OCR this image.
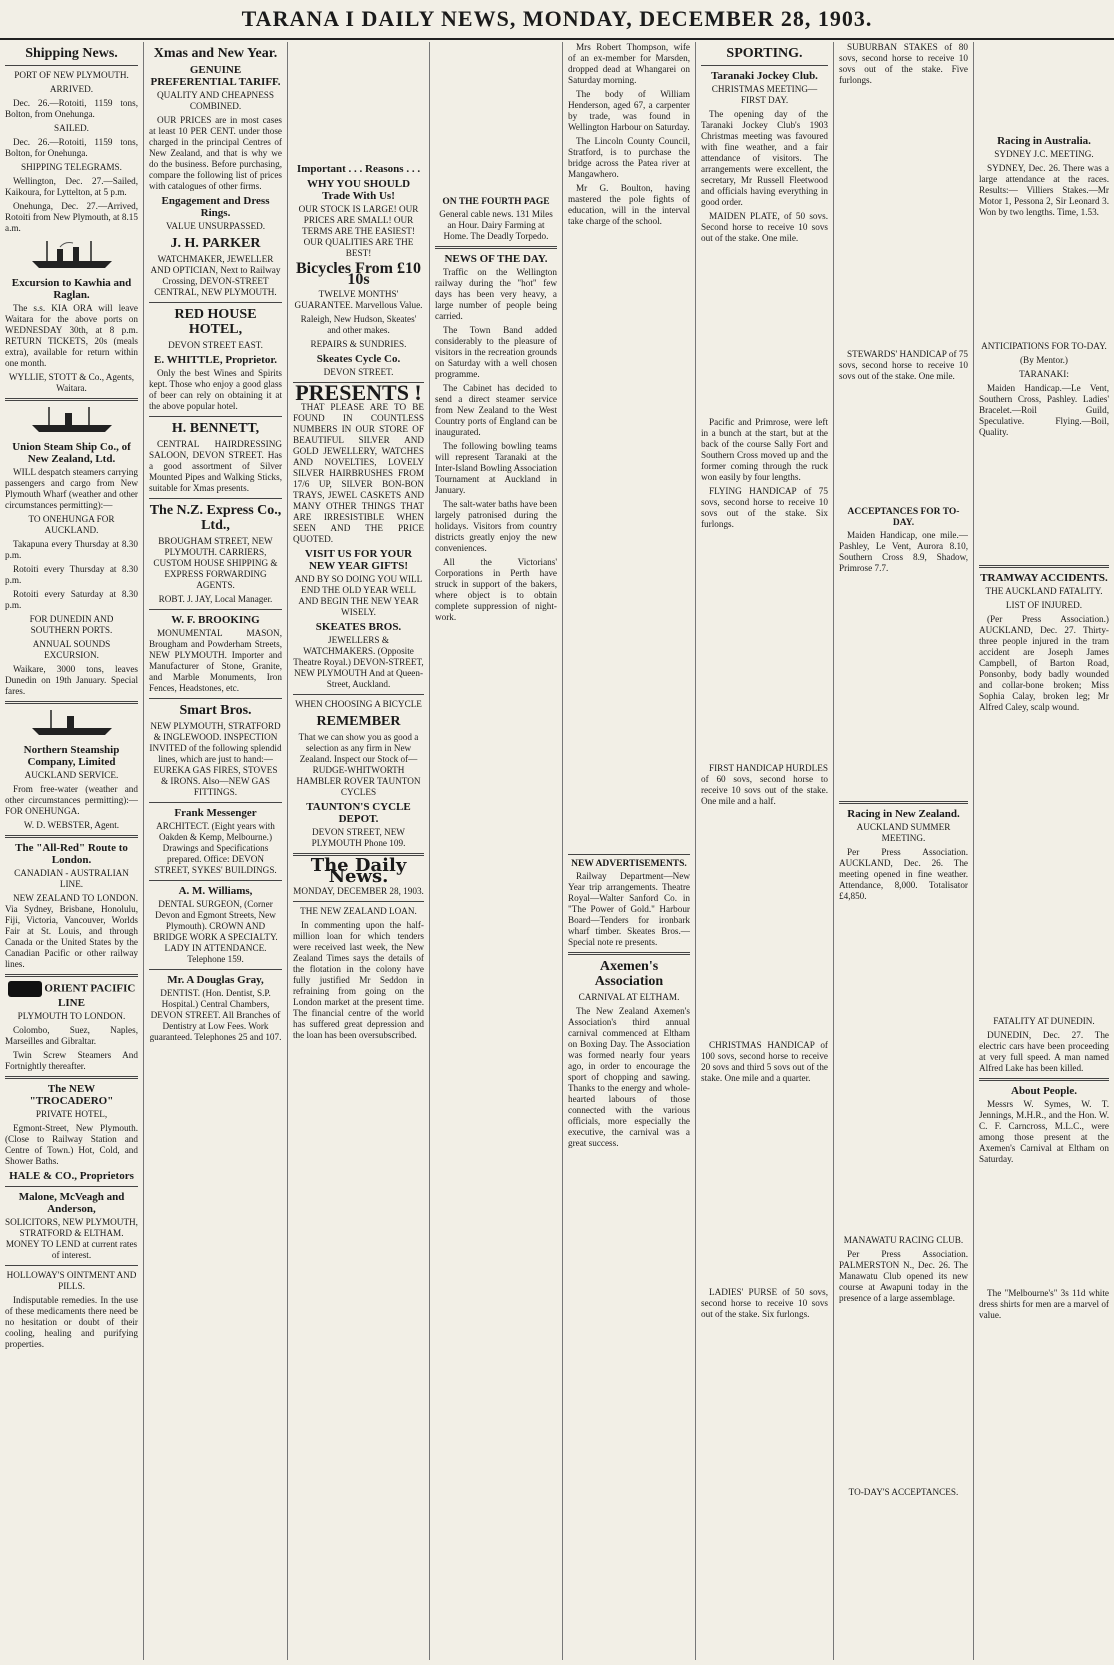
TARANA I DAILY NEWS, MONDAY, DECEMBER 28, 1903.
Shipping News.

PORT OF NEW PLYMOUTH.

ARRIVED.

Dec. 26.—Rotoiti, 1159 tons, Bolton, from Onehunga.

SAILED.

Dec. 26.—Rotoiti, 1159 tons, Bolton, for Onehunga.

SHIPPING TELEGRAMS.

Wellington, Dec. 27.—Sailed, Kaikoura, for Lyttelton, at 5 p.m.

Onehunga, Dec. 27.—Arrived, Rotoiti from New Plymouth, at 8.15 a.m.

Excursion to Kawhia and Raglan.

The s.s. KIA ORA will leave Waitara for the above ports on WEDNESDAY 30th, at 8 p.m. RETURN TICKETS, 20s (meals extra), available for return within one month.

WYLLIE, STOTT & Co., Agents, Waitara.

Union Steam Ship Co., of New Zealand, Ltd.

WILL despatch steamers carrying passengers and cargo from New Plymouth Wharf (weather and other circumstances permitting):—

TO ONEHUNGA FOR AUCKLAND.

Takapuna every Thursday at 8.30 p.m.

Rotoiti every Thursday at 8.30 p.m.

Rotoiti every Saturday at 8.30 p.m.

FOR DUNEDIN AND SOUTHERN PORTS.

ANNUAL SOUNDS EXCURSION.

Waikare, 3000 tons, leaves Dunedin on 19th January. Special fares.

Northern Steamship Company, Limited

AUCKLAND SERVICE.

From free-water (weather and other circumstances permitting):— FOR ONEHUNGA.

W. D. WEBSTER, Agent.

The "All-Red" Route to London.

CANADIAN - AUSTRALIAN LINE.

NEW ZEALAND TO LONDON. Via Sydney, Brisbane, Honolulu, Fiji, Victoria, Vancouver, Worlds Fair at St. Louis, and through Canada or the United States by the Canadian Pacific or other railway lines.

ORIENT PACIFIC LINE

PLYMOUTH TO LONDON.

Colombo, Suez, Naples, Marseilles and Gibraltar.

Twin Screw Steamers And Fortnightly thereafter.

The NEW "TROCADERO"

PRIVATE HOTEL,

Egmont-Street, New Plymouth. (Close to Railway Station and Centre of Town.) Hot, Cold, and Shower Baths.

HALE & CO., Proprietors
Malone, McVeagh and Anderson,

SOLICITORS, NEW PLYMOUTH, STRATFORD & ELTHAM. MONEY TO LEND at current rates of interest.

HOLLOWAY'S OINTMENT AND PILLS.

Indisputable remedies. In the use of these medicaments there need be no hesitation or doubt of their cooling, healing and purifying properties.

Xmas and New Year.
GENUINE PREFERENTIAL TARIFF.

QUALITY AND CHEAPNESS COMBINED.

OUR PRICES are in most cases at least 10 PER CENT. under those charged in the principal Centres of New Zealand, and that is why we do the business. Before purchasing, compare the following list of prices with catalogues of other firms.

Engagement and Dress Rings.

VALUE UNSURPASSED.

J. H. PARKER

WATCHMAKER, JEWELLER AND OPTICIAN, Next to Railway Crossing, DEVON-STREET CENTRAL, NEW PLYMOUTH.

RED HOUSE HOTEL,

DEVON STREET EAST.

E. WHITTLE, Proprietor.

Only the best Wines and Spirits kept. Those who enjoy a good glass of beer can rely on obtaining it at the above popular hotel.

H. BENNETT,

CENTRAL HAIRDRESSING SALOON, DEVON STREET. Has a good assortment of Silver Mounted Pipes and Walking Sticks, suitable for Xmas presents.

The N.Z. Express Co., Ltd.,

BROUGHAM STREET, NEW PLYMOUTH. CARRIERS, CUSTOM HOUSE SHIPPING & EXPRESS FORWARDING AGENTS.

ROBT. J. JAY, Local Manager.

W. F. BROOKING

MONUMENTAL MASON, Brougham and Powderham Streets, NEW PLYMOUTH. Importer and Manufacturer of Stone, Granite, and Marble Monuments, Iron Fences, Headstones, etc.

Smart Bros.

NEW PLYMOUTH, STRATFORD & INGLEWOOD. INSPECTION INVITED of the following splendid lines, which are just to hand:— EUREKA GAS FIRES, STOVES & IRONS. Also—NEW GAS FITTINGS.

Frank Messenger

ARCHITECT. (Eight years with Oakden & Kemp, Melbourne.) Drawings and Specifications prepared. Office: DEVON STREET, SYKES' BUILDINGS.

A. M. Williams,

DENTAL SURGEON, (Corner Devon and Egmont Streets, New Plymouth). CROWN AND BRIDGE WORK A SPECIALTY. LADY IN ATTENDANCE. Telephone 159.

Mr. A Douglas Gray,

DENTIST. (Hon. Dentist, S.P. Hospital.) Central Chambers, DEVON STREET. All Branches of Dentistry at Low Fees. Work guaranteed. Telephones 25 and 107.

Important . . . Reasons . . .
WHY YOU SHOULD Trade With Us!

OUR STOCK IS LARGE! OUR PRICES ARE SMALL! OUR TERMS ARE THE EASIEST! OUR QUALITIES ARE THE BEST!

Bicycles From £10 10s

TWELVE MONTHS' GUARANTEE. Marvellous Value.

Raleigh, New Hudson, Skeates' and other makes.

REPAIRS & SUNDRIES.

Skeates Cycle Co.

DEVON STREET.

PRESENTS !

THAT PLEASE ARE TO BE FOUND IN COUNTLESS NUMBERS IN OUR STORE OF BEAUTIFUL SILVER AND GOLD JEWELLERY, WATCHES AND NOVELTIES, LOVELY SILVER HAIRBRUSHES FROM 17/6 UP, SILVER BON-BON TRAYS, JEWEL CASKETS AND MANY OTHER THINGS THAT ARE IRRESISTIBLE WHEN SEEN AND THE PRICE QUOTED.

VISIT US FOR YOUR NEW YEAR GIFTS!

AND BY SO DOING YOU WILL END THE OLD YEAR WELL AND BEGIN THE NEW YEAR WISELY.

SKEATES BROS.

JEWELLERS & WATCHMAKERS. (Opposite Theatre Royal.) DEVON-STREET, NEW PLYMOUTH And at Queen-Street, Auckland.

WHEN CHOOSING A BICYCLE

REMEMBER

That we can show you as good a selection as any firm in New Zealand. Inspect our Stock of— RUDGE-WHITWORTH HAMBLER ROVER TAUNTON CYCLES

TAUNTON'S CYCLE DEPOT.

DEVON STREET, NEW PLYMOUTH Phone 109.

The Daily News.

MONDAY, DECEMBER 28, 1903.

THE NEW ZEALAND LOAN.

In commenting upon the half-million loan for which tenders were received last week, the New Zealand Times says the details of the flotation in the colony have fully justified Mr Seddon in refraining from going on the London market at the present time. The financial centre of the world has suffered great depression and the loan has been oversubscribed.

ON THE FOURTH PAGE

General cable news. 131 Miles an Hour. Dairy Farming at Home. The Deadly Torpedo.

NEWS OF THE DAY.

Traffic on the Wellington railway during the "hot" few days has been very heavy, a large number of people being carried.

The Town Band added considerably to the pleasure of visitors in the recreation grounds on Saturday with a well chosen programme.

The Cabinet has decided to send a direct steamer service from New Zealand to the West Country ports of England can be inaugurated.

The following bowling teams will represent Taranaki at the Inter-Island Bowling Association Tournament at Auckland in January.

The salt-water baths have been largely patronised during the holidays. Visitors from country districts greatly enjoy the new conveniences.

All the Victorians' Corporations in Perth have struck in support of the bakers, where object is to obtain complete suppression of night-work.

Mrs Robert Thompson, wife of an ex-member for Marsden, dropped dead at Whangarei on Saturday morning.

The body of William Henderson, aged 67, a carpenter by trade, was found in Wellington Harbour on Saturday.

The Lincoln County Council, Stratford, is to purchase the bridge across the Patea river at Mangawhero.

Mr G. Boulton, having mastered the pole fights of education, will in the interval take charge of the school.

NEW ADVERTISEMENTS.

Railway Department—New Year trip arrangements. Theatre Royal—Walter Sanford Co. in "The Power of Gold." Harbour Board—Tenders for ironbark wharf timber. Skeates Bros.—Special note re presents.

Axemen's Association

CARNIVAL AT ELTHAM.

The New Zealand Axemen's Association's third annual carnival commenced at Eltham on Boxing Day. The Association was formed nearly four years ago, in order to encourage the sport of chopping and sawing. Thanks to the energy and whole-hearted labours of those connected with the various officials, more especially the executive, the carnival was a great success.

SPORTING.
Taranaki Jockey Club.

CHRISTMAS MEETING—FIRST DAY.

The opening day of the Taranaki Jockey Club's 1903 Christmas meeting was favoured with fine weather, and a fair attendance of visitors. The arrangements were excellent, the secretary, Mr Russell Fleetwood and officials having everything in good order.

MAIDEN PLATE, of 50 sovs. Second horse to receive 10 sovs out of the stake. One mile.

Pacific and Primrose, were left in a bunch at the start, but at the back of the course Sally Fort and Southern Cross moved up and the former coming through the ruck won easily by four lengths.

FLYING HANDICAP of 75 sovs, second horse to receive 10 sovs out of the stake. Six furlongs.

FIRST HANDICAP HURDLES of 60 sovs, second horse to receive 10 sovs out of the stake. One mile and a half.

CHRISTMAS HANDICAP of 100 sovs, second horse to receive 20 sovs and third 5 sovs out of the stake. One mile and a quarter.

LADIES' PURSE of 50 sovs, second horse to receive 10 sovs out of the stake. Six furlongs.

SUBURBAN STAKES of 80 sovs, second horse to receive 10 sovs out of the stake. Five furlongs.

STEWARDS' HANDICAP of 75 sovs, second horse to receive 10 sovs out of the stake. One mile.

ACCEPTANCES FOR TO-DAY.

Maiden Handicap, one mile.—Pashley, Le Vent, Aurora 8.10, Southern Cross 8.9, Shadow, Primrose 7.7.

Racing in New Zealand.

AUCKLAND SUMMER MEETING.

Per Press Association. AUCKLAND, Dec. 26. The meeting opened in fine weather. Attendance, 8,000. Totalisator £4,850.

MANAWATU RACING CLUB.

Per Press Association. PALMERSTON N., Dec. 26. The Manawatu Club opened its new course at Awapuni today in the presence of a large assemblage.

TO-DAY'S ACCEPTANCES.

Racing in Australia.

SYDNEY J.C. MEETING.

SYDNEY, Dec. 26. There was a large attendance at the races. Results:— Villiers Stakes.—Mr Motor 1, Pessona 2, Sir Leonard 3. Won by two lengths. Time, 1.53.

ANTICIPATIONS FOR TO-DAY.

(By Mentor.)

TARANAKI:

Maiden Handicap.—Le Vent, Southern Cross, Pashley. Ladies' Bracelet.—Roil Guild, Speculative. Flying.—Boil, Quality.

TRAMWAY ACCIDENTS.

THE AUCKLAND FATALITY.

LIST OF INJURED.

(Per Press Association.) AUCKLAND, Dec. 27. Thirty-three people injured in the tram accident are Joseph James Campbell, of Barton Road, Ponsonby, body badly wounded and collar-bone broken; Miss Sophia Calay, broken leg; Mr Alfred Caley, scalp wound.

FATALITY AT DUNEDIN.

DUNEDIN, Dec. 27. The electric cars have been proceeding at very full speed. A man named Alfred Lake has been killed.

About People.

Messrs W. Symes, W. T. Jennings, M.H.R., and the Hon. W. C. F. Carncross, M.L.C., were among those present at the Axemen's Carnival at Eltham on Saturday.

The "Melbourne's" 3s 11d white dress shirts for men are a marvel of value.
